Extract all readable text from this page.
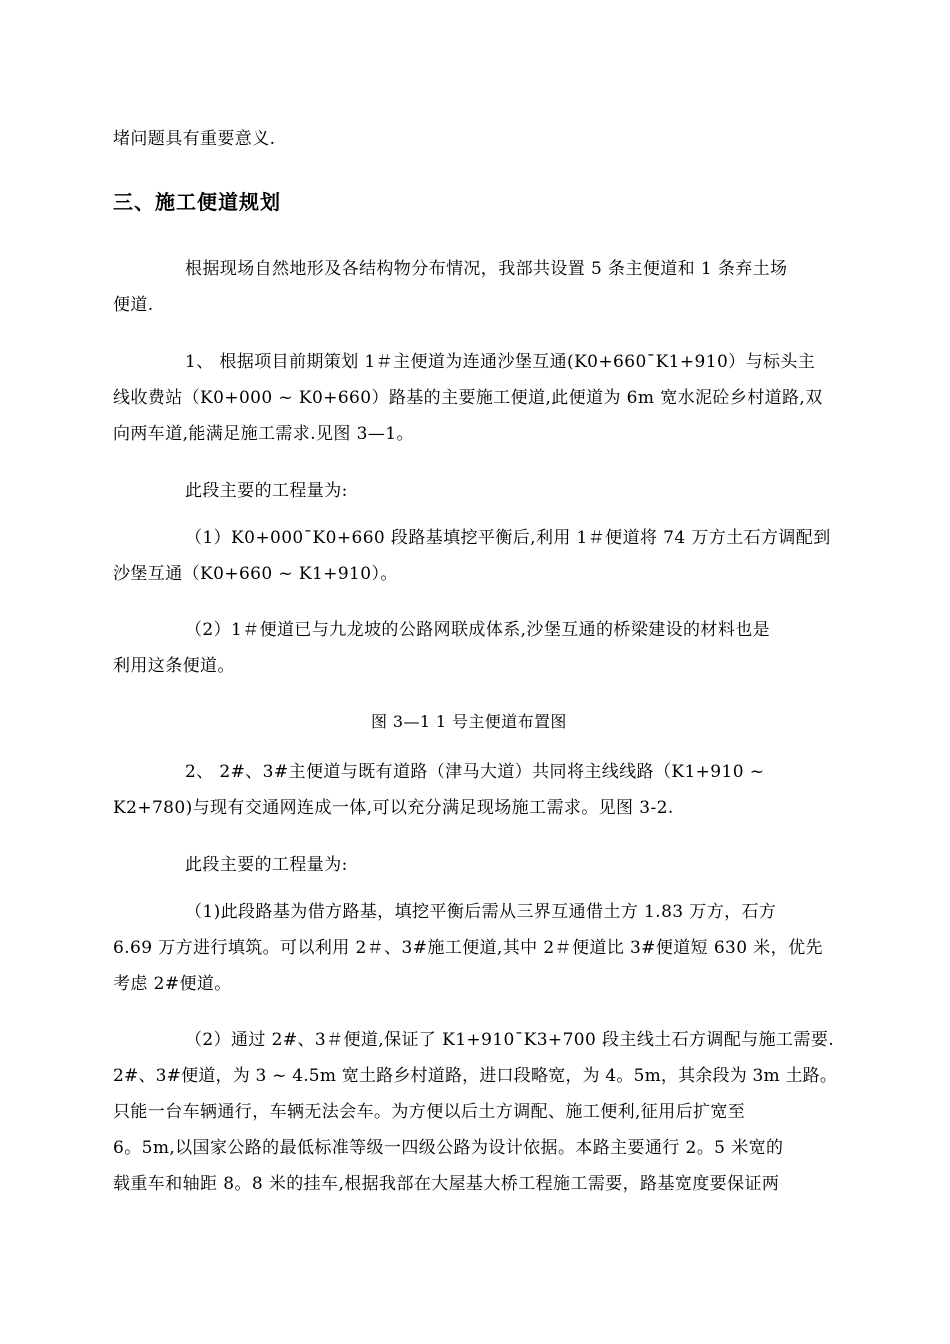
堵问题具有重要意义.
三、施工便道规划
根据现场自然地形及各结构物分布情况，我部共设置 5 条主便道和 1 条弃土场
便道.
1、 根据项目前期策划 1＃主便道为连通沙堡互通(K0+660¯K1+910）与标头主
线收费站（K0+000 ~ K0+660）路基的主要施工便道,此便道为 6m 宽水泥砼乡村道路,双
向两车道,能满足施工需求.见图 3—1。
此段主要的工程量为:
（1）K0+000¯K0+660 段路基填挖平衡后,利用 1＃便道将 74 万方土石方调配到
沙堡互通（K0+660 ~ K1+910）。
（2）1＃便道已与九龙坡的公路网联成体系,沙堡互通的桥梁建设的材料也是
利用这条便道。
图 3—1 1 号主便道布置图
2、 2#、3#主便道与既有道路（津马大道）共同将主线线路（K1+910 ~
K2+780)与现有交通网连成一体,可以充分满足现场施工需求。见图 3-2.
此段主要的工程量为:
（1)此段路基为借方路基，填挖平衡后需从三界互通借土方 1.83 万方，石方
6.69 万方进行填筑。可以利用 2＃、3#施工便道,其中 2＃便道比 3#便道短 630 米，优先
考虑 2#便道。
（2）通过 2#、3＃便道,保证了 K1+910¯K3+700 段主线土石方调配与施工需要.
2#、3#便道，为 3 ~ 4.5m 宽土路乡村道路，进口段略宽，为 4。5m，其余段为 3m 土路。
只能一台车辆通行，车辆无法会车。为方便以后土方调配、施工便利,征用后扩宽至
6。5m,以国家公路的最低标准等级一四级公路为设计依据。本路主要通行 2。5 米宽的
载重车和轴距 8。8 米的挂车,根据我部在大屋基大桥工程施工需要，路基宽度要保证两
